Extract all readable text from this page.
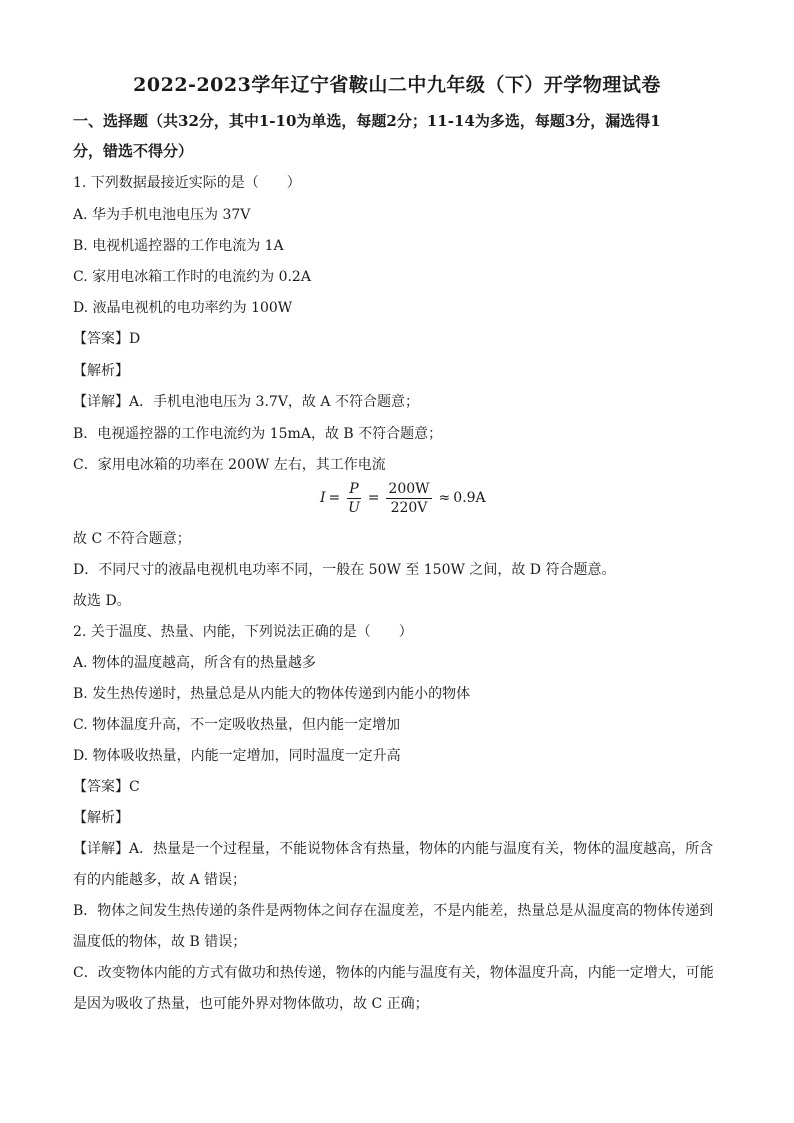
2022-2023学年辽宁省鞍山二中九年级（下）开学物理试卷
一、选择题（共32分，其中1-10为单选，每题2分；11-14为多选，每题3分，漏选得1
分，错选不得分）
1. 下列数据最接近实际的是（　　）
A. 华为手机电池电压为 37V
B. 电视机遥控器的工作电流为 1A
C. 家用电冰箱工作时的电流约为 0.2A
D. 液晶电视机的电功率约为 100W
【答案】D
【解析】
【详解】A．手机电池电压为 3.7V，故 A 不符合题意；
B．电视遥控器的工作电流约为 15mA，故 B 不符合题意；
C．家用电冰箱的功率在 200W 左右，其工作电流
$I = \frac{P}{U} = \frac{200W}{220V} \approx 0.9A$
故 C 不符合题意；
D．不同尺寸的液晶电视机电功率不同，一般在 50W 至 150W 之间，故 D 符合题意。
故选 D。
2. 关于温度、热量、内能，下列说法正确的是（　　）
A. 物体的温度越高，所含有的热量越多
B. 发生热传递时，热量总是从内能大的物体传递到内能小的物体
C. 物体温度升高，不一定吸收热量，但内能一定增加
D. 物体吸收热量，内能一定增加，同时温度一定升高
【答案】C
【解析】
【详解】A．热量是一个过程量，不能说物体含有热量，物体的内能与温度有关，物体的温度越高，所含
有的内能越多，故 A 错误；
B．物体之间发生热传递的条件是两物体之间存在温度差，不是内能差，热量总是从温度高的物体传递到
温度低的物体，故 B 错误；
C．改变物体内能的方式有做功和热传递，物体的内能与温度有关，物体温度升高，内能一定增大，可能
是因为吸收了热量，也可能外界对物体做功，故 C 正确；
